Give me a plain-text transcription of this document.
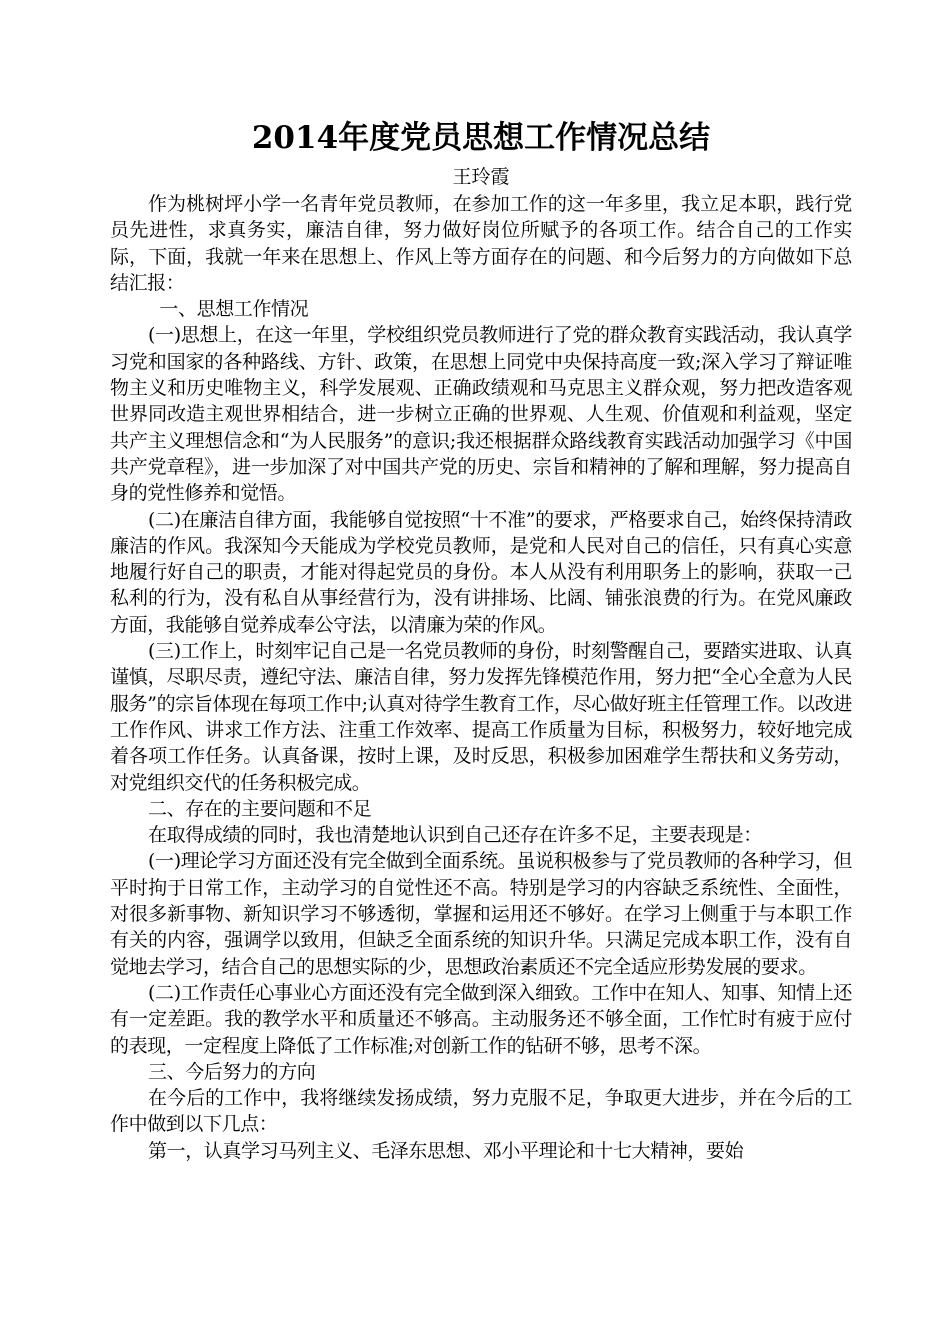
2014年度党员思想工作情况总结

王玲霞

作为桃树坪小学一名青年党员教师，在参加工作的这一年多里，我立足本职，践行党员先进性，求真务实，廉洁自律，努力做好岗位所赋予的各项工作。结合自己的工作实际，下面，我就一年来在思想上、作风上等方面存在的问题、和今后努力的方向做如下总结汇报：

一、思想工作情况

(一)思想上，在这一年里，学校组织党员教师进行了党的群众教育实践活动，我认真学习党和国家的各种路线、方针、政策，在思想上同党中央保持高度一致;深入学习了辩证唯物主义和历史唯物主义，科学发展观、正确政绩观和马克思主义群众观，努力把改造客观世界同改造主观世界相结合，进一步树立正确的世界观、人生观、价值观和利益观，坚定共产主义理想信念和“为人民服务”的意识;我还根据群众路线教育实践活动加强学习《中国共产党章程》，进一步加深了对中国共产党的历史、宗旨和精神的了解和理解，努力提高自身的党性修养和觉悟。

(二)在廉洁自律方面，我能够自觉按照“十不准”的要求，严格要求自己，始终保持清政廉洁的作风。我深知今天能成为学校党员教师，是党和人民对自己的信任，只有真心实意地履行好自己的职责，才能对得起党员的身份。本人从没有利用职务上的影响，获取一己私利的行为，没有私自从事经营行为，没有讲排场、比阔、铺张浪费的行为。在党风廉政方面，我能够自觉养成奉公守法，以清廉为荣的作风。

(三)工作上，时刻牢记自己是一名党员教师的身份，时刻警醒自己，要踏实进取、认真谨慎，尽职尽责，遵纪守法、廉洁自律，努力发挥先锋模范作用，努力把“全心全意为人民服务”的宗旨体现在每项工作中;认真对待学生教育工作，尽心做好班主任管理工作。以改进工作作风、讲求工作方法、注重工作效率、提高工作质量为目标，积极努力，较好地完成着各项工作任务。认真备课，按时上课，及时反思，积极参加困难学生帮扶和义务劳动，对党组织交代的任务积极完成。

二、存在的主要问题和不足

在取得成绩的同时，我也清楚地认识到自己还存在许多不足，主要表现是：

(一)理论学习方面还没有完全做到全面系统。虽说积极参与了党员教师的各种学习，但平时拘于日常工作，主动学习的自觉性还不高。特别是学习的内容缺乏系统性、全面性，对很多新事物、新知识学习不够透彻，掌握和运用还不够好。在学习上侧重于与本职工作有关的内容，强调学以致用，但缺乏全面系统的知识升华。只满足完成本职工作，没有自觉地去学习，结合自己的思想实际的少，思想政治素质还不完全适应形势发展的要求。

(二)工作责任心事业心方面还没有完全做到深入细致。工作中在知人、知事、知情上还有一定差距。我的教学水平和质量还不够高。主动服务还不够全面，工作忙时有疲于应付的表现，一定程度上降低了工作标准;对创新工作的钻研不够，思考不深。

三、今后努力的方向

在今后的工作中，我将继续发扬成绩，努力克服不足，争取更大进步，并在今后的工作中做到以下几点：

第一，认真学习马列主义、毛泽东思想、邓小平理论和十七大精神，要始
